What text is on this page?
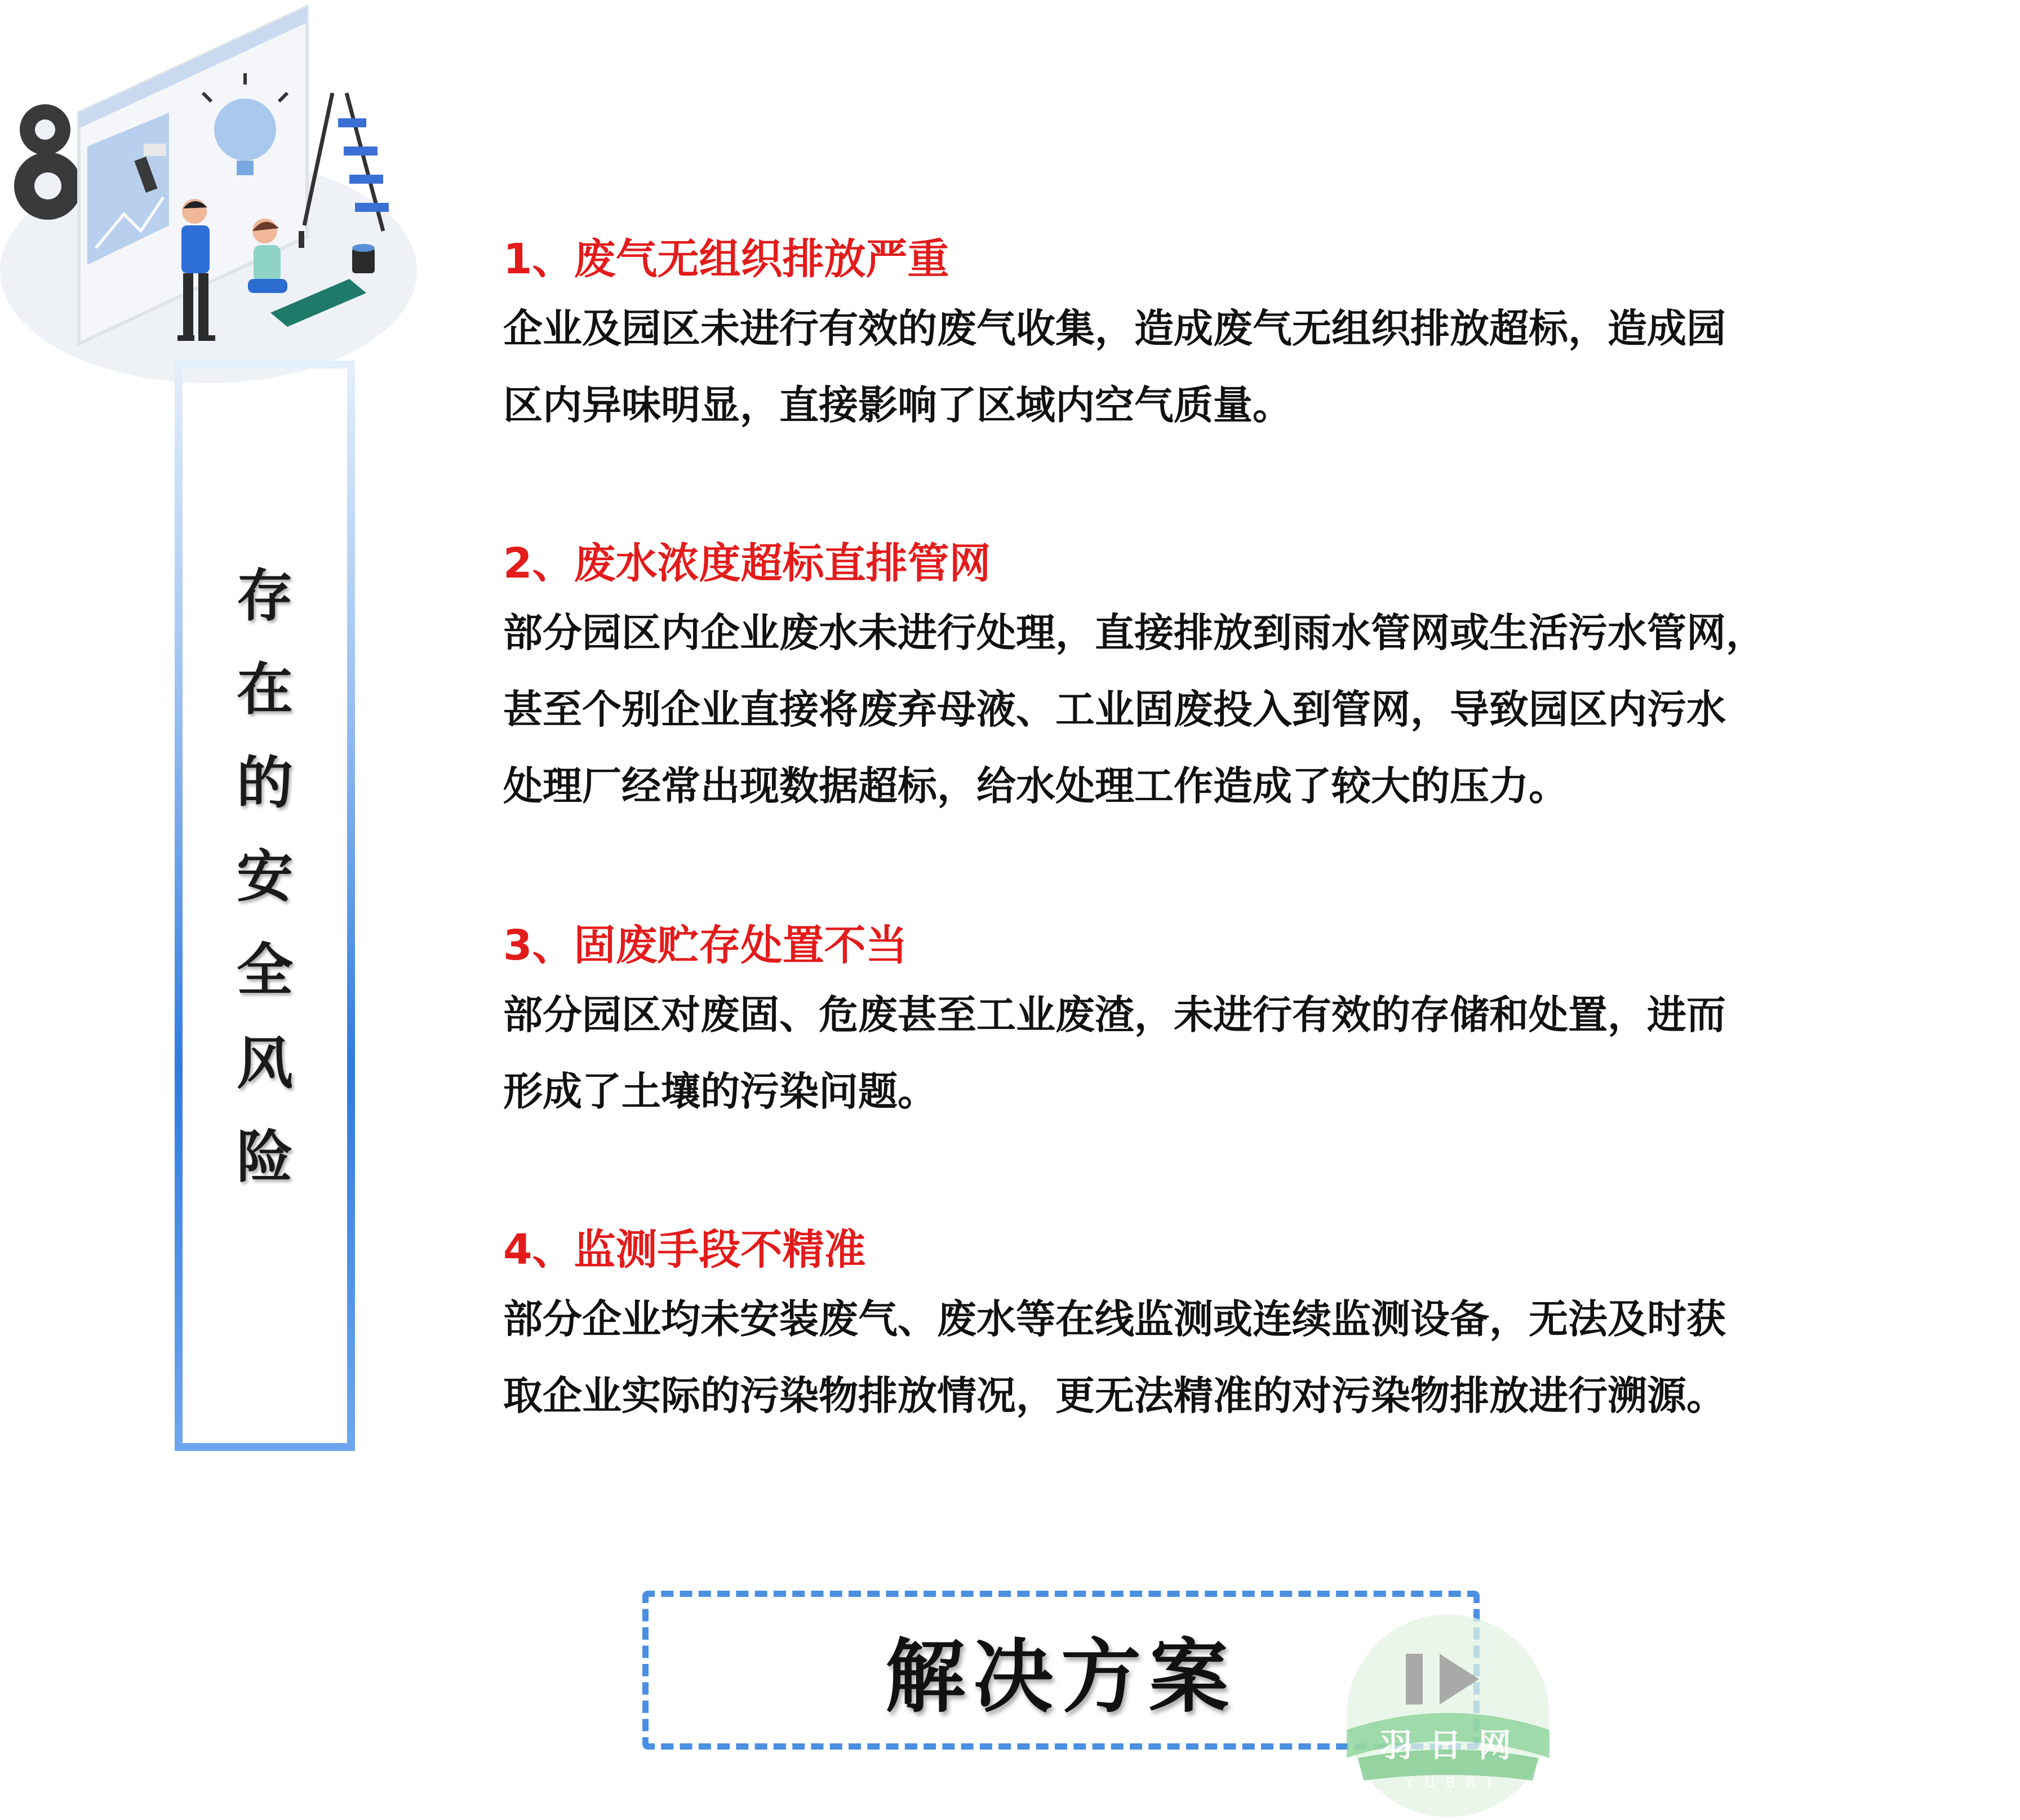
存
在
的
安
全
风
险
1、废气无组织排放严重

企业及园区未进行有效的废气收集，造成废气无组织排放超标，造成园

区内异味明显，直接影响了区域内空气质量。

2、废水浓度超标直排管网

部分园区内企业废水未进行处理，直接排放到雨水管网或生活污水管网，

甚至个别企业直接将废弃母液、工业固废投入到管网，导致园区内污水

处理厂经常出现数据超标，给水处理工作造成了较大的压力。

3、固废贮存处置不当

部分园区对废固、危废甚至工业废渣，未进行有效的存储和处置，进而

形成了土壤的污染问题。

4、监测手段不精准

部分企业均未安装废气、废水等在线监测或连续监测设备，无法及时获

取企业实际的污染物排放情况，更无法精准的对污染物排放进行溯源。

解决方案
羽日网
YUBRI
